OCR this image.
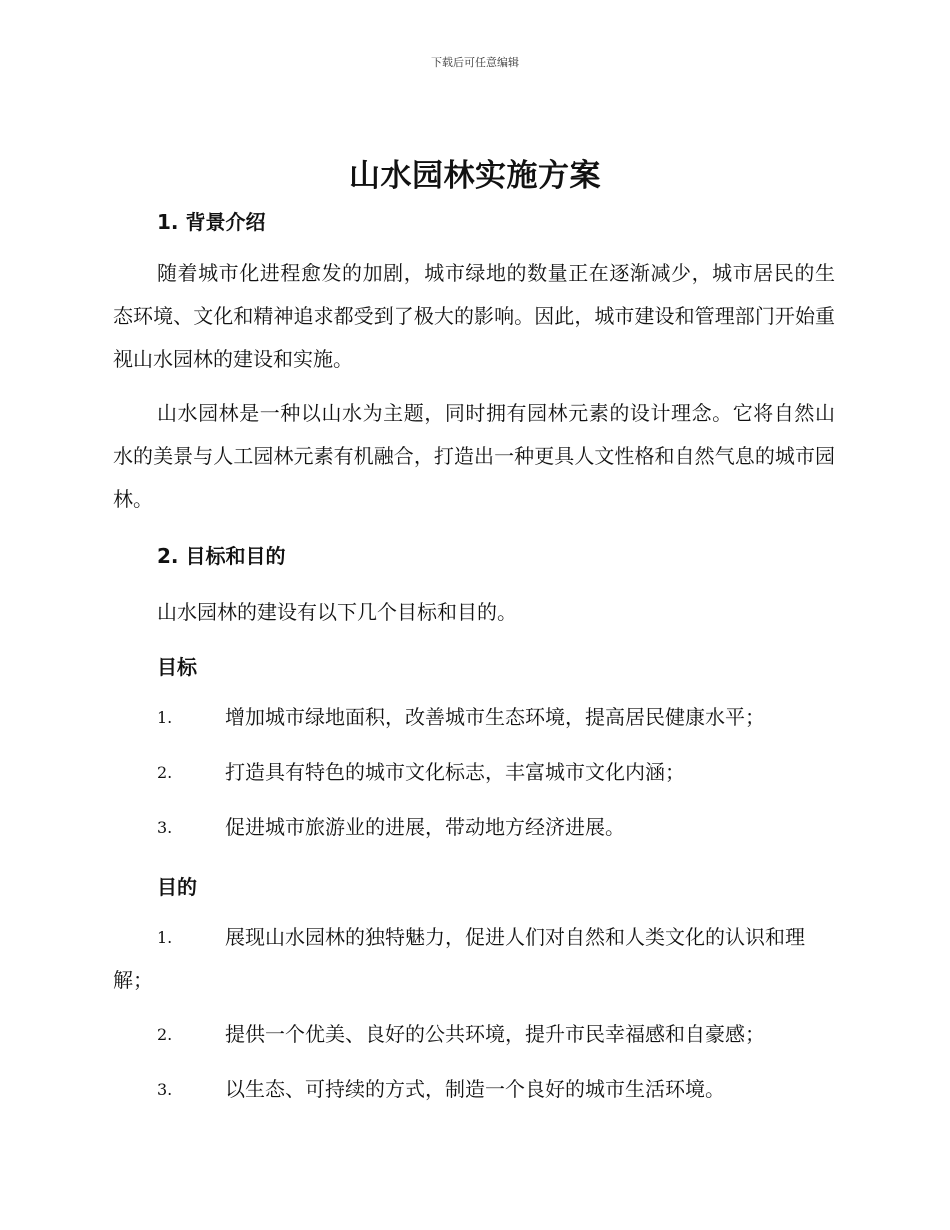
下载后可任意编辑
山水园林实施方案
1. 背景介绍

随着城市化进程愈发的加剧，城市绿地的数量正在逐渐减少，城市居民的生态环境、文化和精神追求都受到了极大的影响。因此，城市建设和管理部门开始重视山水园林的建设和实施。

山水园林是一种以山水为主题，同时拥有园林元素的设计理念。它将自然山水的美景与人工园林元素有机融合，打造出一种更具人文性格和自然气息的城市园林。

2. 目标和目的

山水园林的建设有以下几个目标和目的。

目标
1.	增加城市绿地面积，改善城市生态环境，提高居民健康水平；
2.	打造具有特色的城市文化标志，丰富城市文化内涵；
3.	促进城市旅游业的进展，带动地方经济进展。
目的
1.	展现山水园林的独特魅力，促进人们对自然和人类文化的认识和理解；
2.	提供一个优美、良好的公共环境，提升市民幸福感和自豪感；
3.	以生态、可持续的方式，制造一个良好的城市生活环境。
